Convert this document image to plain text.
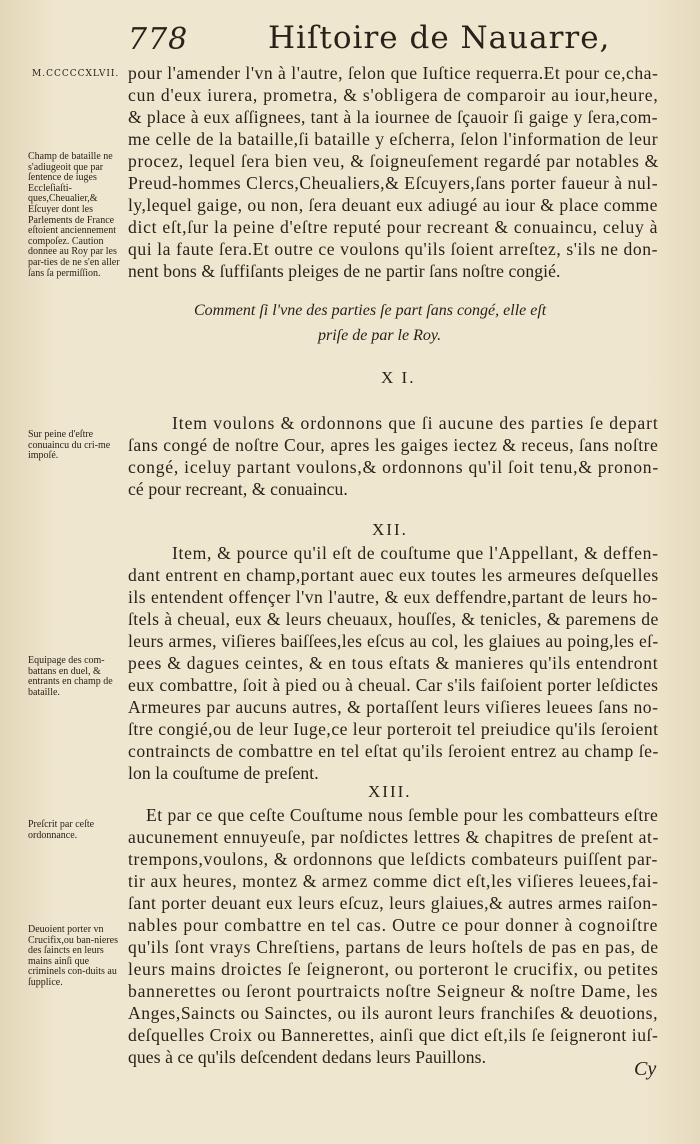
778	Hiſtoire de Nauarre,
M.CCCCCXLVII.
Champ de bataille ne s'adiugeoit que par ſentence de iuges Eccleſiaſti-ques,Cheualier,& Eſcuyer dont les Parlements de France eſtoient anciennement compoſez. Caution donnee au Roy par les par-ties de ne s'en aller ſans ſa permiſſion.
Sur peine d'eſtre conuaincu du cri-me impoſé.
Equipage des com-battans en duel, & entrants en champ de bataille.
Preſcrit par ceſte ordonnance.
Deuoient porter vn Crucifix,ou ban-nieres des ſaincts en leurs mains ainſi que criminels con-duits au ſupplice.
pour l'amender l'vn à l'autre, ſelon que Iuſtice requerra.Et pour ce,cha-
cun d'eux iurera, prometra, & s'obligera de comparoir au iour,heure,
& place à eux aſſignees, tant à la iournee de ſçauoir ſi gaige y ſera,com-
me celle de la bataille,ſi bataille y eſcherra, ſelon l'information de leur
procez, lequel ſera bien veu, & ſoigneuſement regardé par notables &
Preud-hommes Clercs,Cheualiers,& Eſcuyers,ſans porter faueur à nul-
ly,lequel gaige, ou non, ſera deuant eux adiugé au iour & place comme
dict eſt,ſur la peine d'eſtre reputé pour recreant & conuaincu, celuy à
qui la faute ſera.Et outre ce voulons qu'ils ſoient arreſtez, s'ils ne don-
nent bons & ſuffiſants pleiges de ne partir ſans noſtre congié.
Comment ſi l'vne des parties ſe part ſans congé, elle eſt
priſe de par le Roy.
X I.
Item voulons & ordonnons que ſi aucune des parties ſe depart
ſans congé de noſtre Cour, apres les gaiges iectez & receus, ſans noſtre
congé, iceluy partant voulons,& ordonnons qu'il ſoit tenu,& pronon-
cé pour recreant, & conuaincu.
XII.
Item, & pource qu'il eſt de couſtume que l'Appellant, & deffen-
dant entrent en champ,portant auec eux toutes les armeures deſquelles
ils entendent offençer l'vn l'autre, & eux deffendre,partant de leurs ho-
ſtels à cheual, eux & leurs cheuaux, houſſes, & tenicles, & paremens de
leurs armes, viſieres baiſſees,les eſcus au col, les glaiues au poing,les eſ-
pees & dagues ceintes, & en tous eſtats & manieres qu'ils entendront
eux combattre, ſoit à pied ou à cheual. Car s'ils faiſoient porter leſdictes
Armeures par aucuns autres, & portaſſent leurs viſieres leuees ſans no-
ſtre congié,ou de leur Iuge,ce leur porteroit tel preiudice qu'ils ſeroient
contraincts de combattre en tel eſtat qu'ils ſeroient entrez au champ ſe-
lon la couſtume de preſent.
XIII.
Et par ce que ceſte Couſtume nous ſemble pour les combatteurs eſtre
aucunement ennuyeuſe, par noſdictes lettres & chapitres de preſent at-
trempons,voulons, & ordonnons que leſdicts combateurs puiſſent par-
tir aux heures, montez & armez comme dict eſt,les viſieres leuees,fai-
ſant porter deuant eux leurs eſcuz, leurs glaiues,& autres armes raiſon-
nables pour combattre en tel cas. Outre ce pour donner à cognoiſtre
qu'ils ſont vrays Chreſtiens, partans de leurs hoſtels de pas en pas, de
leurs mains droictes ſe ſeigneront, ou porteront le crucifix, ou petites
bannerettes ou ſeront pourtraicts noſtre Seigneur & noſtre Dame, les
Anges,Saincts ou Sainctes, ou ils auront leurs franchiſes & deuotions,
deſquelles Croix ou Bannerettes, ainſi que dict eſt,ils ſe ſeigneront iuſ-
ques à ce qu'ils deſcendent dedans leurs Pauillons.
Cy
